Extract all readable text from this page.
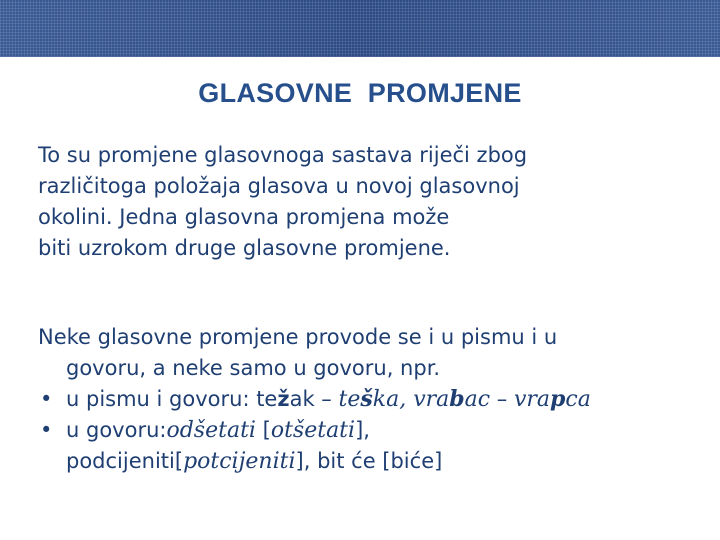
GLASOVNE  PROMJENE
To su promjene glasovnoga sastava riječi zbog
različitoga položaja glasova u novoj glasovnoj
okolini. Jedna glasovna promjena može
biti uzrokom druge glasovne promjene.
Neke glasovne promjene provode se i u pismu i u
govoru, a neke samo u govoru, npr.
• u pismu i govoru: težak – teška, vrabac – vrapca
• u govoru:odšetati [otšetati],
podcijeniti[potcijeniti], bit će [biće]
